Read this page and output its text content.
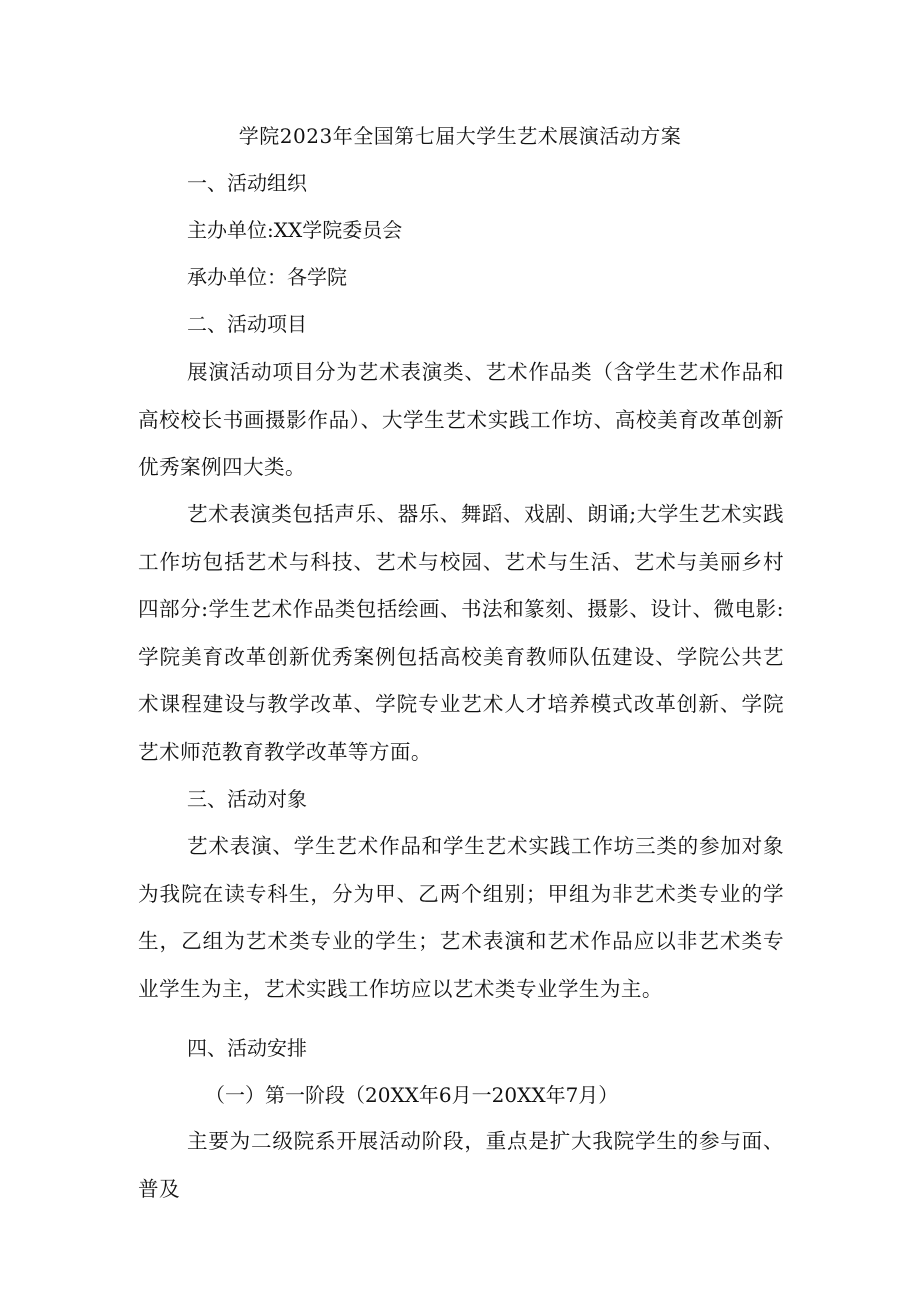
学院2023年全国第七届大学生艺术展演活动方案
一、活动组织
主办单位:XX学院委员会
承办单位：各学院
二、活动项目
展演活动项目分为艺术表演类、艺术作品类（含学生艺术作品和高校校长书画摄影作品）、大学生艺术实践工作坊、高校美育改革创新优秀案例四大类。
艺术表演类包括声乐、器乐、舞蹈、戏剧、朗诵;大学生艺术实践工作坊包括艺术与科技、艺术与校园、艺术与生活、艺术与美丽乡村四部分:学生艺术作品类包括绘画、书法和篆刻、摄影、设计、微电影:学院美育改革创新优秀案例包括高校美育教师队伍建设、学院公共艺术课程建设与教学改革、学院专业艺术人才培养模式改革创新、学院艺术师范教育教学改革等方面。
三、活动对象
艺术表演、学生艺术作品和学生艺术实践工作坊三类的参加对象为我院在读专科生，分为甲、乙两个组别；甲组为非艺术类专业的学生，乙组为艺术类专业的学生；艺术表演和艺术作品应以非艺术类专业学生为主，艺术实践工作坊应以艺术类专业学生为主。
四、活动安排
（一）第一阶段（20XX年6月一20XX年7月）
主要为二级院系开展活动阶段，重点是扩大我院学生的参与面、普及
